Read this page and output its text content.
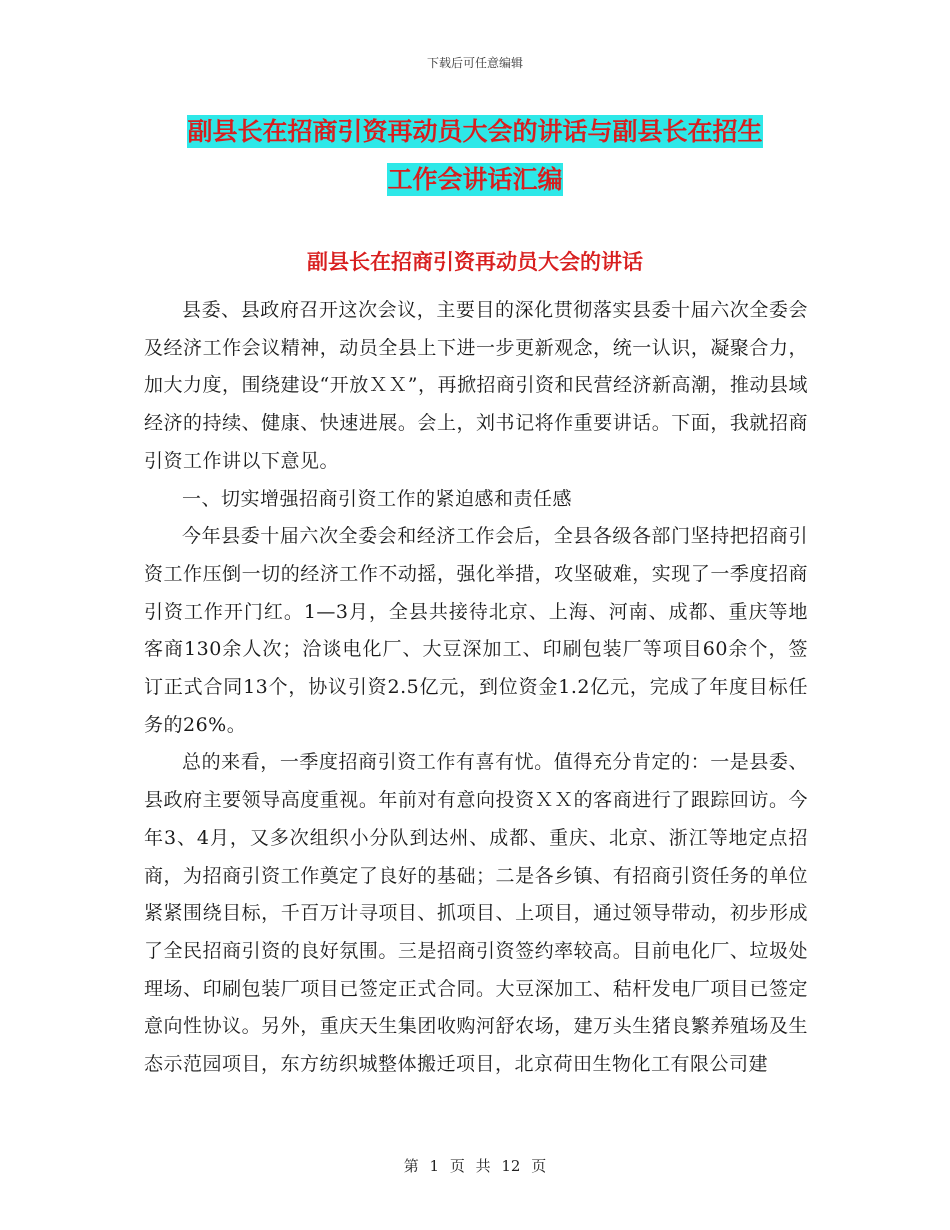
下载后可任意编辑
副县长在招商引资再动员大会的讲话与副县长在招生
工作会讲话汇编
副县长在招商引资再动员大会的讲话

县委、县政府召开这次会议，主要目的深化贯彻落实县委十届六次全委会及经济工作会议精神，动员全县上下进一步更新观念，统一认识，凝聚合力，加大力度，围绕建设“开放ＸＸ”，再掀招商引资和民营经济新高潮，推动县域经济的持续、健康、快速进展。会上，刘书记将作重要讲话。下面，我就招商引资工作讲以下意见。

一、切实增强招商引资工作的紧迫感和责任感

今年县委十届六次全委会和经济工作会后，全县各级各部门坚持把招商引资工作压倒一切的经济工作不动摇，强化举措，攻坚破难，实现了一季度招商引资工作开门红。1—3月，全县共接待北京、上海、河南、成都、重庆等地客商130余人次；洽谈电化厂、大豆深加工、印刷包装厂等项目60余个，签订正式合同13个，协议引资2.5亿元，到位资金1.2亿元，完成了年度目标任务的26%。

总的来看，一季度招商引资工作有喜有忧。值得充分肯定的：一是县委、县政府主要领导高度重视。年前对有意向投资ＸＸ的客商进行了跟踪回访。今年3、4月，又多次组织小分队到达州、成都、重庆、北京、浙江等地定点招商，为招商引资工作奠定了良好的基础；二是各乡镇、有招商引资任务的单位紧紧围绕目标，千百万计寻项目、抓项目、上项目，通过领导带动，初步形成了全民招商引资的良好氛围。三是招商引资签约率较高。目前电化厂、垃圾处理场、印刷包装厂项目已签定正式合同。大豆深加工、秸杆发电厂项目已签定意向性协议。另外，重庆天生集团收购河舒农场，建万头生猪良繁养殖场及生态示范园项目，东方纺织城整体搬迁项目，北京荷田生物化工有限公司建

第 1 页 共 12 页
